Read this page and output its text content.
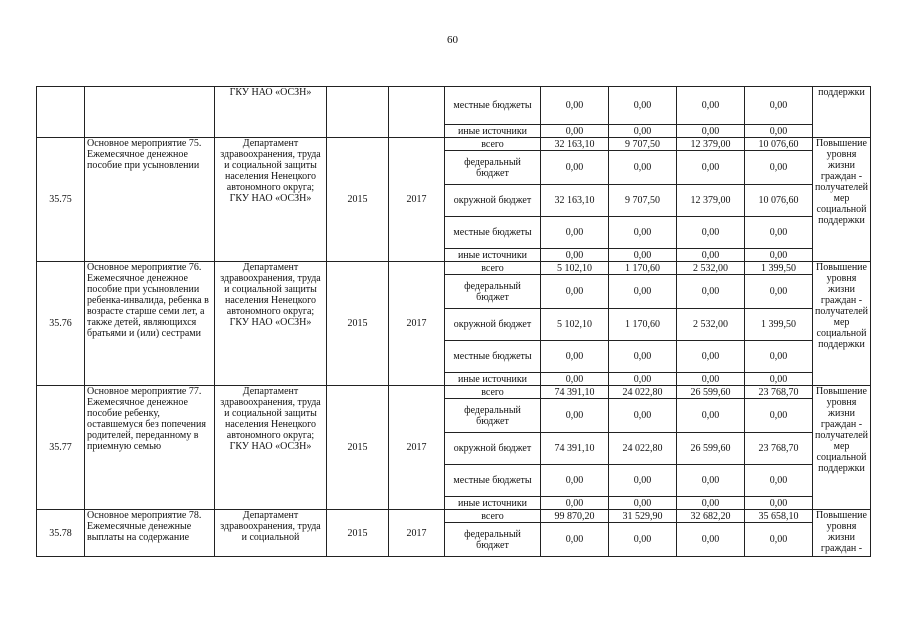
60
		ГКУ НАО «ОСЗН»			местные бюджеты	0,00	0,00	0,00	0,00	поддержки
					иные источники	0,00	0,00	0,00	0,00	
35.75	Основное мероприятие 75. Ежемесячное денежное пособие при усыновлении	Департамент здравоохранения, труда и социальной защиты населения Ненецкого автономного округа; ГКУ НАО «ОСЗН»	2015	2017	всего	32 163,10	9 707,50	12 379,00	10 076,60	Повышение уровня жизни граждан - получателей мер социальной поддержки
					федеральный бюджет	0,00	0,00	0,00	0,00	
					окружной бюджет	32 163,10	9 707,50	12 379,00	10 076,60	
					местные бюджеты	0,00	0,00	0,00	0,00	
					иные источники	0,00	0,00	0,00	0,00	
35.76	Основное мероприятие 76. Ежемесячное денежное пособие при усыновлении ребенка-инвалида, ребенка в возрасте старше семи лет, а также детей, являющихся братьями и (или) сестрами	Департамент здравоохранения, труда и социальной защиты населения Ненецкого автономного округа; ГКУ НАО «ОСЗН»	2015	2017	всего	5 102,10	1 170,60	2 532,00	1 399,50	Повышение уровня жизни граждан - получателей мер социальной поддержки
					федеральный бюджет	0,00	0,00	0,00	0,00	
					окружной бюджет	5 102,10	1 170,60	2 532,00	1 399,50	
					местные бюджеты	0,00	0,00	0,00	0,00	
					иные источники	0,00	0,00	0,00	0,00	
35.77	Основное мероприятие 77. Ежемесячное денежное пособие ребенку, оставшемуся без попечения родителей, переданному в приемную семью	Департамент здравоохранения, труда и социальной защиты населения Ненецкого автономного округа; ГКУ НАО «ОСЗН»	2015	2017	всего	74 391,10	24 022,80	26 599,60	23 768,70	Повышение уровня жизни граждан - получателей мер социальной поддержки
					федеральный бюджет	0,00	0,00	0,00	0,00	
					окружной бюджет	74 391,10	24 022,80	26 599,60	23 768,70	
					местные бюджеты	0,00	0,00	0,00	0,00	
					иные источники	0,00	0,00	0,00	0,00	
35.78	Основное мероприятие 78. Ежемесячные денежные выплаты на содержание	Департамент здравоохранения, труда и социальной	2015	2017	всего	99 870,20	31 529,90	32 682,20	35 658,10	Повышение уровня жизни граждан -
					федеральный бюджет	0,00	0,00	0,00	0,00	
